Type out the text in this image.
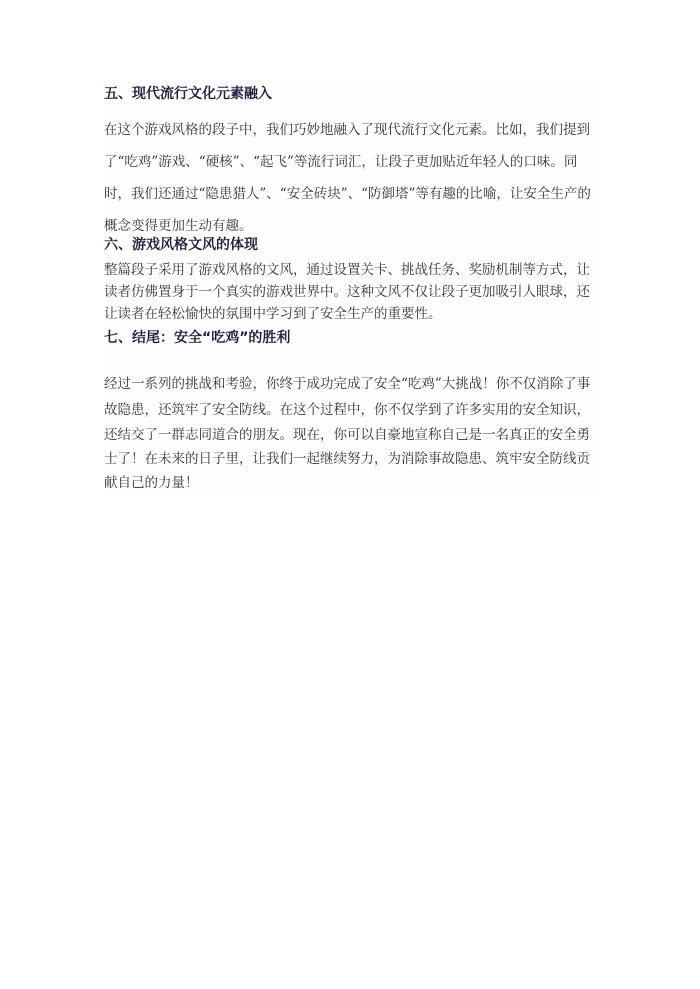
五、现代流行文化元素融入
在这个游戏风格的段子中，我们巧妙地融入了现代流行文化元素。比如，我们提到
了“吃鸡”游戏、“硬核”、“起飞”等流行词汇，让段子更加贴近年轻人的口味。同
时，我们还通过“隐患猎人”、“安全砖块”、“防御塔”等有趣的比喻，让安全生产的
概念变得更加生动有趣。
六、游戏风格文风的体现
整篇段子采用了游戏风格的文风，通过设置关卡、挑战任务、奖励机制等方式，让
读者仿佛置身于一个真实的游戏世界中。这种文风不仅让段子更加吸引人眼球，还
让读者在轻松愉快的氛围中学习到了安全生产的重要性。
七、结尾：安全“吃鸡”的胜利
经过一系列的挑战和考验，你终于成功完成了安全“吃鸡”大挑战！你不仅消除了事
故隐患，还筑牢了安全防线。在这个过程中，你不仅学到了许多实用的安全知识，
还结交了一群志同道合的朋友。现在，你可以自豪地宣称自己是一名真正的安全勇
士了！在未来的日子里，让我们一起继续努力，为消除事故隐患、筑牢安全防线贡
献自己的力量！
